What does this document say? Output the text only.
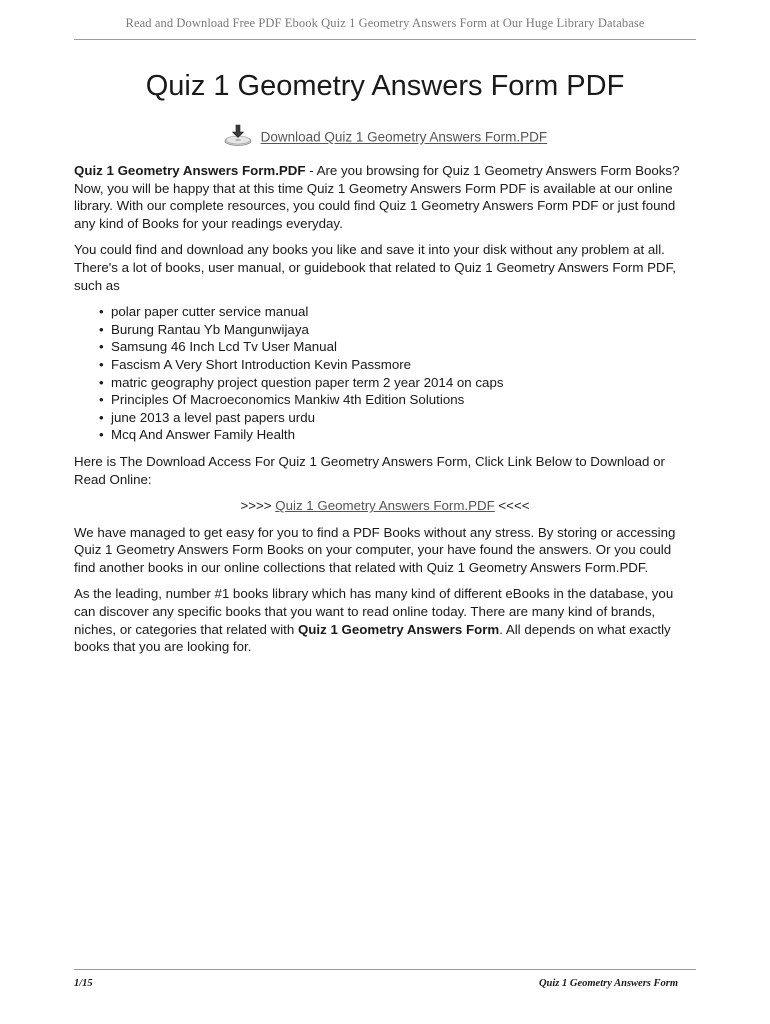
Read and Download Free PDF Ebook Quiz 1 Geometry Answers Form at Our Huge Library Database
Quiz 1 Geometry Answers Form PDF
Download Quiz 1 Geometry Answers Form.PDF

Quiz 1 Geometry Answers Form.PDF - Are you browsing for Quiz 1 Geometry Answers Form Books? Now, you will be happy that at this time Quiz 1 Geometry Answers Form PDF is available at our online library. With our complete resources, you could find Quiz 1 Geometry Answers Form PDF or just found any kind of Books for your readings everyday.

You could find and download any books you like and save it into your disk without any problem at all. There's a lot of books, user manual, or guidebook that related to Quiz 1 Geometry Answers Form PDF, such as

• polar paper cutter service manual
• Burung Rantau Yb Mangunwijaya
• Samsung 46 Inch Lcd Tv User Manual
• Fascism A Very Short Introduction Kevin Passmore
• matric geography project question paper term 2 year 2014 on caps
• Principles Of Macroeconomics Mankiw 4th Edition Solutions
• june 2013 a level past papers urdu
• Mcq And Answer Family Health

Here is The Download Access For Quiz 1 Geometry Answers Form, Click Link Below to Download or Read Online:

>>>> Quiz 1 Geometry Answers Form.PDF <<<<

We have managed to get easy for you to find a PDF Books without any stress. By storing or accessing Quiz 1 Geometry Answers Form Books on your computer, your have found the answers. Or you could find another books in our online collections that related with Quiz 1 Geometry Answers Form.PDF.

As the leading, number #1 books library which has many kind of different eBooks in the database, you can discover any specific books that you want to read online today. There are many kind of brands, niches, or categories that related with Quiz 1 Geometry Answers Form. All depends on what exactly books that you are looking for.

1/15	Quiz 1 Geometry Answers Form
